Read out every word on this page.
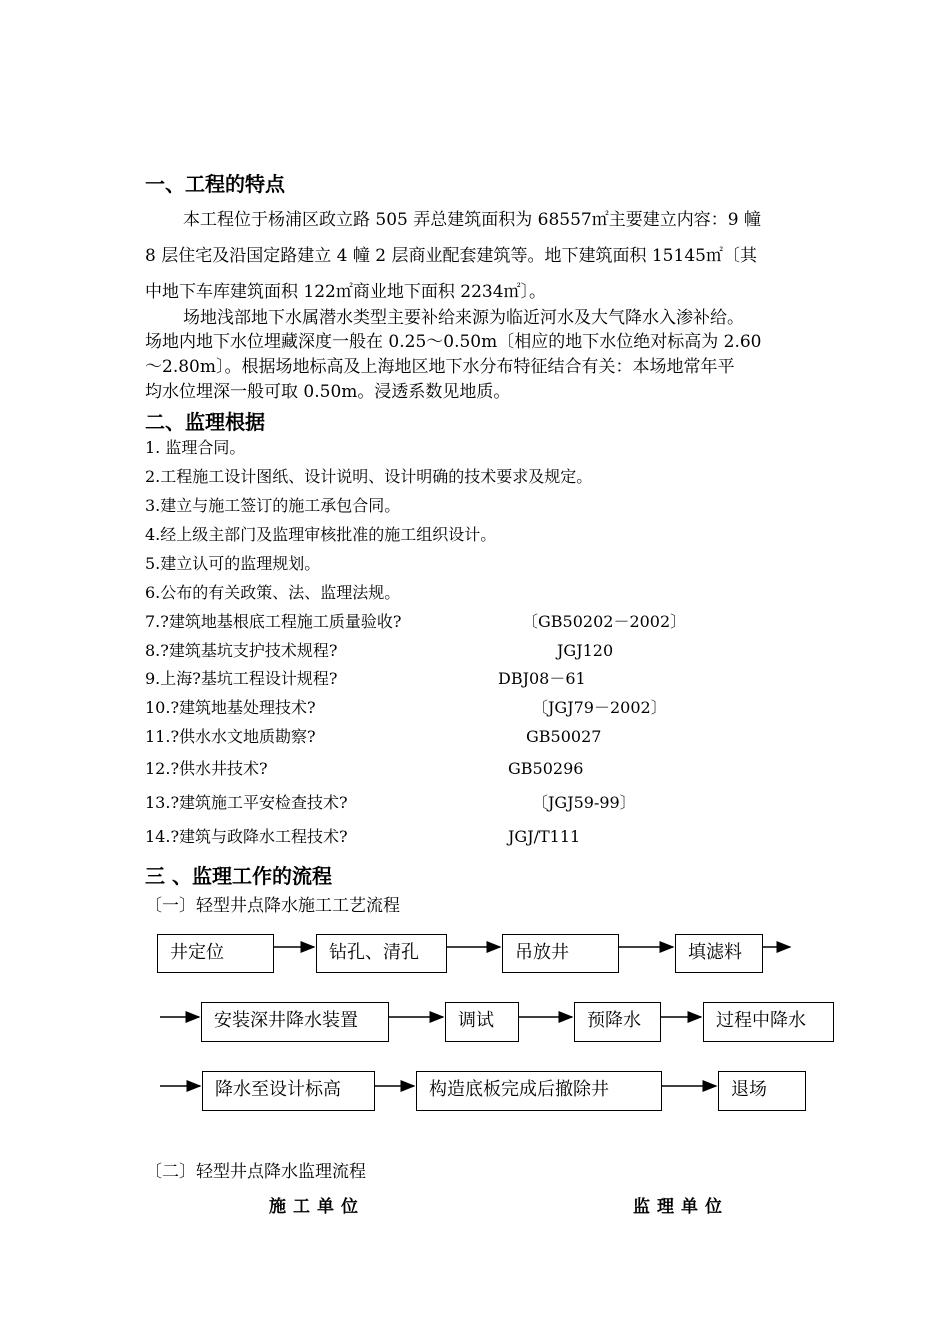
一、工程的特点
本工程位于杨浦区政立路 505 弄总建筑面积为 68557㎡主要建立内容：9 幢
8 层住宅及沿国定路建立 4 幢 2 层商业配套建筑等。地下建筑面积 15145㎡〔其
中地下车库建筑面积 122㎡商业地下面积 2234㎡〕。
场地浅部地下水属潜水类型主要补给来源为临近河水及大气降水入渗补给。
场地内地下水位埋藏深度一般在 0.25～0.50m〔相应的地下水位绝对标高为 2.60
～2.80m〕。根据场地标高及上海地区地下水分布特征结合有关：本场地常年平
均水位埋深一般可取 0.50m。浸透系数见地质。
二、监理根据
1. 监理合同。
2.工程施工设计图纸、设计说明、设计明确的技术要求及规定。
3.建立与施工签订的施工承包合同。
4.经上级主部门及监理审核批准的施工组织设计。
5.建立认可的监理规划。
6.公布的有关政策、法、监理法规。
7.?建筑地基根底工程施工质量验收?	〔GB50202－2002〕
8.?建筑基坑支护技术规程?	JGJ120
9.上海?基坑工程设计规程?	DBJ08－61
10.?建筑地基处理技术?	〔JGJ79－2002〕
11.?供水水文地质勘察?	GB50027
12.?供水井技术?	GB50296
13.?建筑施工平安检查技术?	〔JGJ59-99〕
14.?建筑与政降水工程技术?	JGJ/T111
三 、监理工作的流程
〔一〕轻型井点降水施工工艺流程
井定位	钻孔、清孔	吊放井	填滤料
安装深井降水装置	调试	预降水	过程中降水
降水至设计标高	构造底板完成后撤除井	退场
〔二〕轻型井点降水监理流程
施工单位	监理单位
